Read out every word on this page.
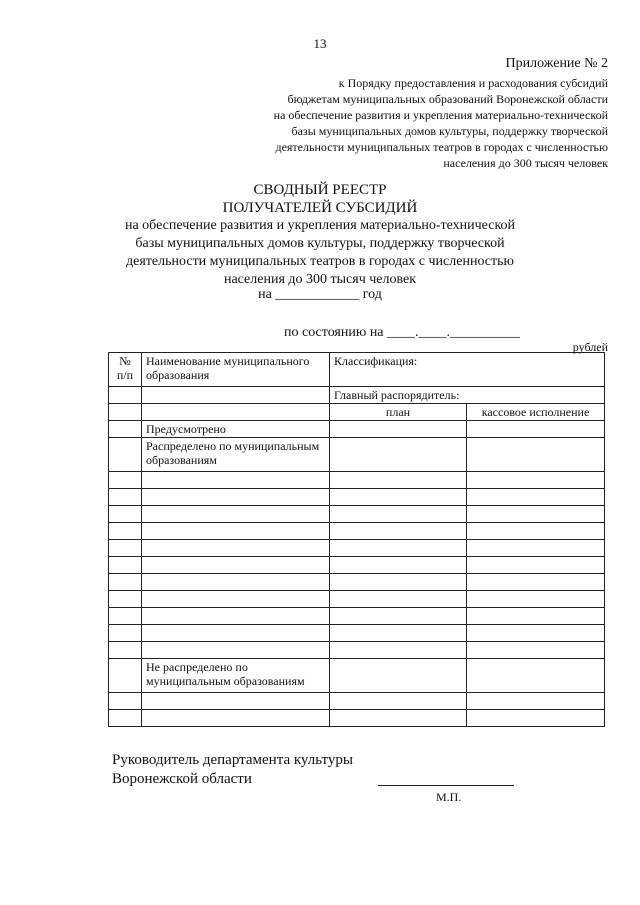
13
Приложение № 2
к Порядку предоставления и расходования субсидий
бюджетам муниципальных образований Воронежской области
на обеспечение развития и укрепления материально-технической
базы муниципальных домов культуры, поддержку творческой
деятельности муниципальных театров в городах с численностью
населения до 300 тысяч человек
СВОДНЫЙ РЕЕСТР
ПОЛУЧАТЕЛЕЙ СУБСИДИЙ
на обеспечение развития и укрепления материально-технической
базы муниципальных домов культуры, поддержку творческой
деятельности муниципальных театров в городах с численностью
населения до 300 тысяч человек
на ____________ год
по состоянию на ____.____.__________
рублей
№ п/п	Наименование муниципального образования	Классификация:	
		Главный распорядитель:	
		план	кассовое исполнение
	Предусмотрено		
	Распределено по муниципальным образованиям		

	Не распределено по муниципальным образованиям		

Руководитель департамента культуры
Воронежской области
М.П.
